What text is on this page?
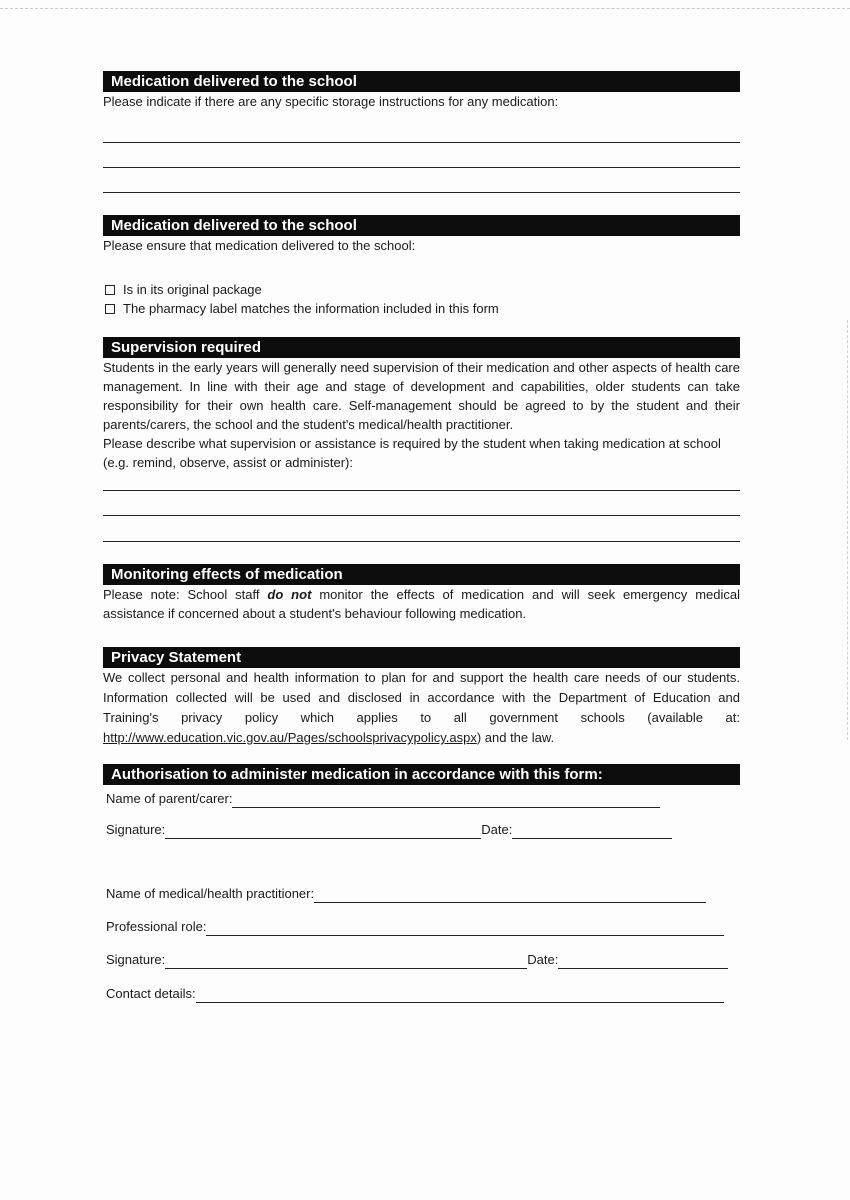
Medication delivered to the school

Please indicate if there are any specific storage instructions for any medication:

Medication delivered to the school

Please ensure that medication delivered to the school:

Is in its original package
The pharmacy label matches the information included in this form
Supervision required

Students in the early years will generally need supervision of their medication and other aspects of health care management. In line with their age and stage of development and capabilities, older students can take responsibility for their own health care. Self-management should be agreed to by the student and their parents/carers, the school and the student's medical/health practitioner.

Please describe what supervision or assistance is required by the student when taking medication at school (e.g. remind, observe, assist or administer):

Monitoring effects of medication

Please note: School staff do not monitor the effects of medication and will seek emergency medical assistance if concerned about a student's behaviour following medication.

Privacy Statement

We collect personal and health information to plan for and support the health care needs of our students. Information collected will be used and disclosed in accordance with the Department of Education and Training's privacy policy which applies to all government schools (available at: http://www.education.vic.gov.au/Pages/schoolsprivacypolicy.aspx) and the law.

Authorisation to administer medication in accordance with this form:
Name of parent/carer:
Signature:	Date:
Name of medical/health practitioner:
Professional role:
Signature:	Date:
Contact details:
